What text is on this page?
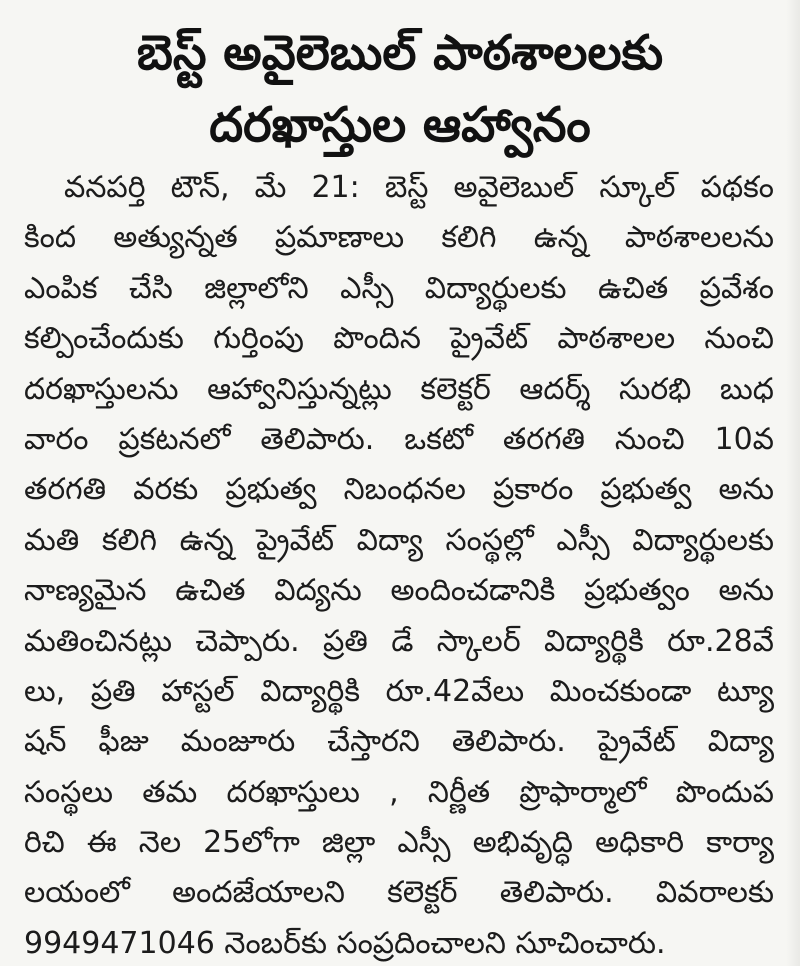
బెస్ట్ అవైలెబుల్ పాఠశాలలకు
దరఖాస్తుల ఆహ్వానం
వనపర్తి టౌన్, మే 21: బెస్ట్ అవైలెబుల్ స్కూల్ పథకం
కింద అత్యున్నత ప్రమాణాలు కలిగి ఉన్న పాఠశాలలను
ఎంపిక చేసి జిల్లాలోని ఎస్సీ విద్యార్థులకు ఉచిత ప్రవేశం
కల్పించేందుకు గుర్తింపు పొందిన ప్రైవేట్ పాఠశాలల నుంచి
దరఖాస్తులను ఆహ్వానిస్తున్నట్లు కలెక్టర్ ఆదర్శ్ సురభి బుధ
వారం ప్రకటనలో తెలిపారు. ఒకటో తరగతి నుంచి 10వ
తరగతి వరకు ప్రభుత్వ నిబంధనల ప్రకారం ప్రభుత్వ అను
మతి కలిగి ఉన్న ప్రైవేట్ విద్యా సంస్థల్లో ఎస్సీ విద్యార్థులకు
నాణ్యమైన ఉచిత విద్యను అందించడానికి ప్రభుత్వం అను
మతించినట్లు చెప్పారు. ప్రతి డే స్కాలర్ విద్యార్థికి రూ.28వే
లు, ప్రతి హాస్టల్ విద్యార్థికి రూ.42వేలు మించకుండా ట్యూ
షన్ ఫీజు మంజూరు చేస్తారని తెలిపారు. ప్రైవేట్ విద్యా
సంస్థలు తమ దరఖాస్తులు , నిర్ణీత ప్రొఫార్మాలో పొందుప
రిచి ఈ నెల 25లోగా జిల్లా ఎస్సీ అభివృద్ధి అధికారి కార్యా
లయంలో అందజేయాలని కలెక్టర్ తెలిపారు. వివరాలకు
9949471046 నెంబర్‌కు సంప్రదించాలని సూచించారు.
